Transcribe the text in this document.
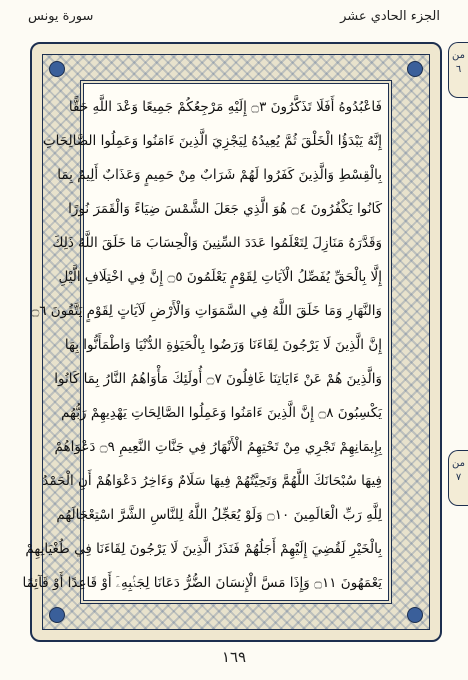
سورة يونس	الجزء الحادي عشر
من ٦
من ٧
فَاعْبُدُوهُ أَفَلَا تَذَكَّرُونَ ۝٣ إِلَيْهِ مَرْجِعُكُمْ جَمِيعًا وَعْدَ اللَّهِ حَقًّا
إِنَّهُ يَبْدَؤُا الْخَلْقَ ثُمَّ يُعِيدُهُ لِيَجْزِيَ الَّذِينَ ءَامَنُوا وَعَمِلُوا الصَّالِحَاتِ
بِالْقِسْطِ وَالَّذِينَ كَفَرُوا لَهُمْ شَرَابٌ مِنْ حَمِيمٍ وَعَذَابٌ أَلِيمٌ بِمَا
كَانُوا يَكْفُرُونَ ۝٤ هُوَ الَّذِي جَعَلَ الشَّمْسَ ضِيَاءً وَالْقَمَرَ نُورًا
وَقَدَّرَهُ مَنَازِلَ لِتَعْلَمُوا عَدَدَ السِّنِينَ وَالْحِسَابَ مَا خَلَقَ اللَّهُ ذَلِكَ
إِلَّا بِالْحَقِّ يُفَصِّلُ الْآيَاتِ لِقَوْمٍ يَعْلَمُونَ ۝٥ إِنَّ فِي اخْتِلَافِ الَّيْلِ
وَالنَّهَارِ وَمَا خَلَقَ اللَّهُ فِي السَّمَوَاتِ وَالْأَرْضِ لَآيَاتٍ لِقَوْمٍ يَتَّقُونَ ۝٦
إِنَّ الَّذِينَ لَا يَرْجُونَ لِقَاءَنَا وَرَضُوا بِالْحَيَوٰةِ الدُّنْيَا وَاطْمَأَنُّوا بِهَا
وَالَّذِينَ هُمْ عَنْ ءَايَاتِنَا غَافِلُونَ ۝٧ أُولَئِكَ مَأْوَاهُمُ النَّارُ بِمَا كَانُوا
يَكْسِبُونَ ۝٨ إِنَّ الَّذِينَ ءَامَنُوا وَعَمِلُوا الصَّالِحَاتِ يَهْدِيهِمْ رَبُّهُم
بِإِيمَانِهِمْ تَجْرِي مِنْ تَحْتِهِمُ الْأَنْهَارُ فِي جَنَّاتِ النَّعِيمِ ۝٩ دَعْوَاهُمْ
فِيهَا سُبْحَانَكَ اللَّهُمَّ وَتَحِيَّتُهُمْ فِيهَا سَلَامٌ وَءَاخِرُ دَعْوَاهُمْ أَنِ الْحَمْدُ
لِلَّهِ رَبِّ الْعَالَمِينَ ۝١٠ وَلَوْ يُعَجِّلُ اللَّهُ لِلنَّاسِ الشَّرَّ اسْتِعْجَالَهُم
بِالْخَيْرِ لَقُضِيَ إِلَيْهِمْ أَجَلُهُمْ فَنَذَرُ الَّذِينَ لَا يَرْجُونَ لِقَاءَنَا فِي طُغْيَانِهِمْ
يَعْمَهُونَ ۝١١ وَإِذَا مَسَّ الْإِنسَانَ الضُّرُّ دَعَانَا لِجَنۢبِهِۦٓ أَوْ قَاعِدًا أَوْ قَآئِمًا
١٦٩
